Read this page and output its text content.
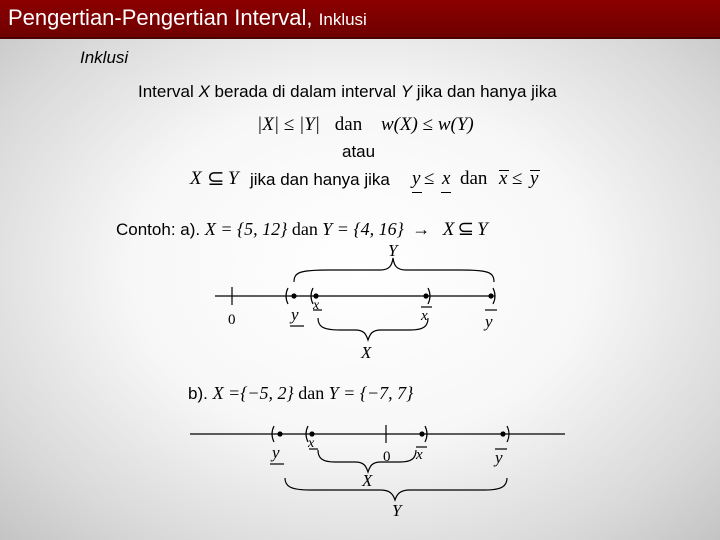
Pengertian-Pengertian Interval, Inklusi
Inklusi
Interval X berada di dalam interval Y jika dan hanya jika
|X| ≤ |Y| dan w(X) ≤ w(Y)
atau
X ⊆ Y jika dan hanya jika y ≤ x dan x ≤ y
Contoh: a). X = {5, 12} dan Y = {4, 16} → X ⊆ Y
Y
X
0	y x
x	y
b). X ={−5, 2} dan Y = {−7, 7}
X
Y
0
y x
x	y
